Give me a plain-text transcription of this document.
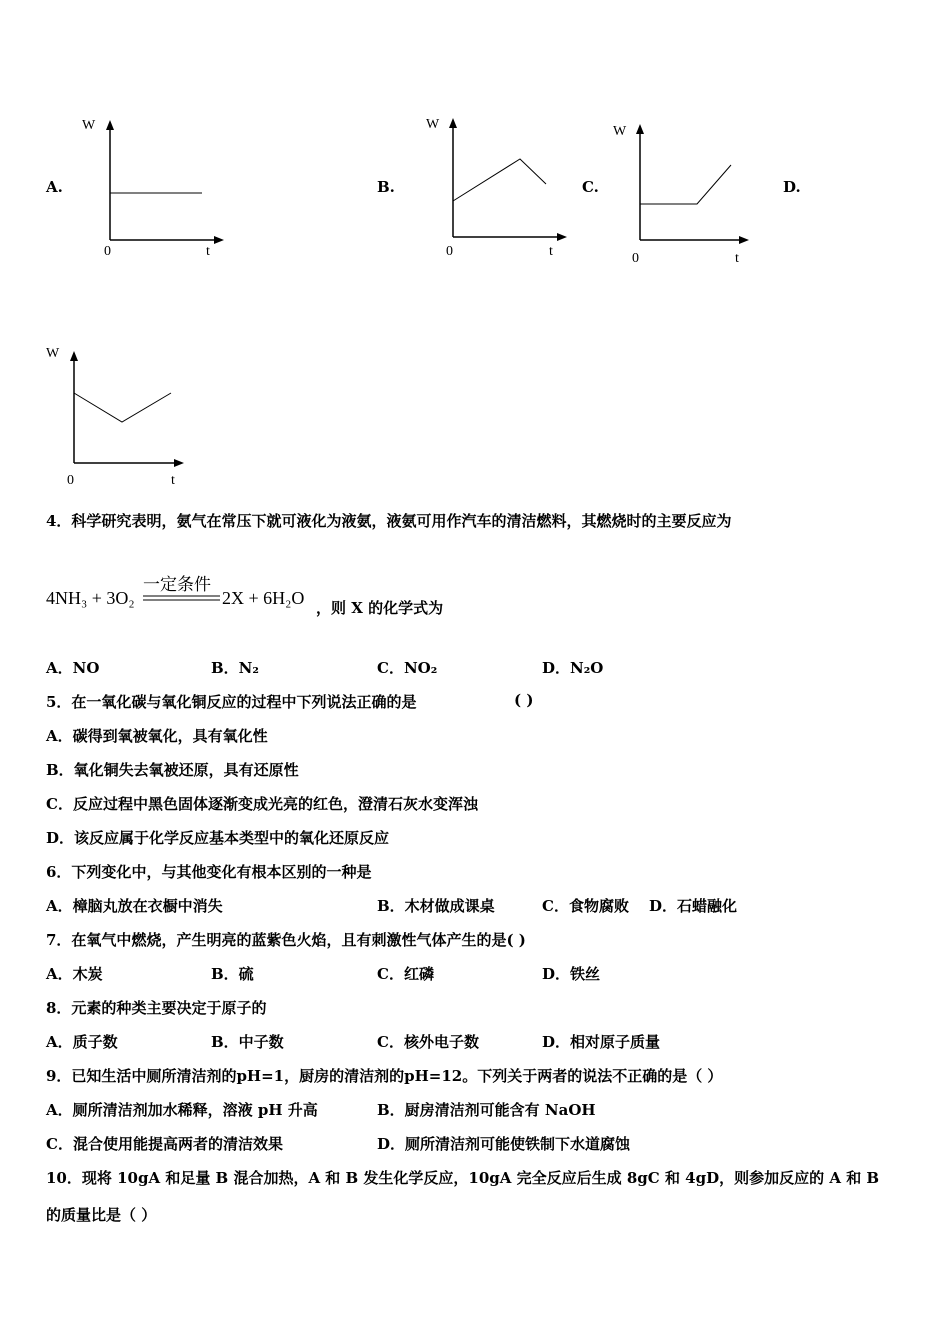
A.	B.	C.	D.
W
0	t
W
0	t
W
0	t
W
0	t
4．科学研究表明，氨气在常压下就可液化为液氨，液氨可用作汽车的清洁燃料，其燃烧时的主要反应为
4NH₃ + 3O₂
一定条件
2X + 6H₂O ，则 X 的化学式为
A．NO	B．N₂	C．NO₂	D．N₂O
5．在一氧化碳与氧化铜反应的过程中下列说法正确的是	( )
A．碳得到氧被氧化，具有氧化性
B．氧化铜失去氧被还原，具有还原性
C．反应过程中黑色固体逐渐变成光亮的红色，澄清石灰水变浑浊
D．该反应属于化学反应基本类型中的氧化还原反应
6．下列变化中，与其他变化有根本区别的一种是
A．樟脑丸放在衣橱中消失	B．木材做成课桌	C．食物腐败 D．石蜡融化
7．在氧气中燃烧，产生明亮的蓝紫色火焰，且有刺激性气体产生的是( )
A．木炭	B．硫	C．红磷	D．铁丝
8．元素的种类主要决定于原子的
A．质子数	B．中子数	C．核外电子数	D．相对原子质量
9．已知生活中厕所清洁剂的pH=1，厨房的清洁剂的pH=12。下列关于两者的说法不正确的是（ ）
A．厕所清洁剂加水稀释，溶液 pH 升高	B．厨房清洁剂可能含有 NaOH
C．混合使用能提高两者的清洁效果	D．厕所清洁剂可能使铁制下水道腐蚀
10．现将 10gA 和足量 B 混合加热，A 和 B 发生化学反应，10gA 完全反应后生成 8gC 和 4gD，则参加反应的 A 和 B
的质量比是（ ）
